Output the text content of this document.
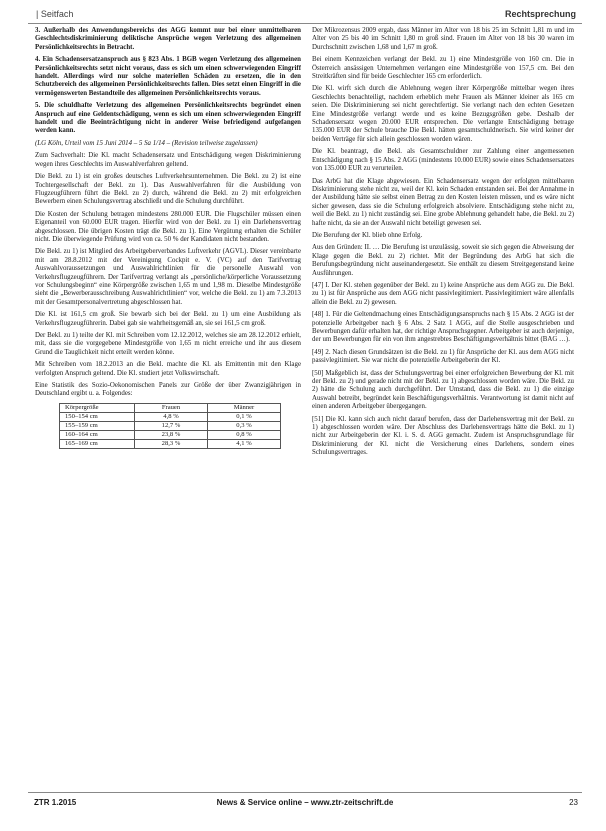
| Seitfach	Rechtsprechung

3. Außerhalb des Anwendungsbereichs des AGG kommt nur bei einer unmittelbaren Geschlechtsdiskriminierung deliktische Ansprüche wegen Verletzung des allgemeinen Persönlichkeitsrechts in Betracht.

4. Ein Schadensersatzanspruch aus § 823 Abs. 1 BGB wegen Verletzung des allgemeinen Persönlichkeitsrechts setzt nicht voraus, dass es sich um einen schwerwiegenden Eingriff handelt. Allerdings wird nur solche materiellen Schäden zu ersetzen, die in den Schutzbereich des allgemeinen Persönlichkeitsrechts fallen. Dies setzt einen Eingriff in die vermögenswerten Bestandteile des allgemeinen Persönlichkeitsrechts voraus.

5. Die schuldhafte Verletzung des allgemeinen Persönlichkeitsrechts begründet einen Anspruch auf eine Geldentschädigung, wenn es sich um einen schwerwiegenden Eingriff handelt und die Beeinträchtigung nicht in anderer Weise befriedigend aufgefangen werden kann.

(LG Köln, Urteil vom 15 Juni 2014 – 5 Sa 1/14 – (Revision teilweise zugelassen)

Zum Sachverhalt: Die Kl. macht Schadensersatz und Entschädigung wegen Diskriminierung wegen ihres Geschlechts im Auswahlverfahren geltend.

Die Bekl. zu 1) ist ein großes deutsches Luftverkehrsunternehmen. Die Bekl. zu 2) ist eine Tochtergesellschaft der Bekl. zu 1). Das Auswahlverfahren für die Ausbildung von Flugzeugführern führt die Bekl. zu 2) durch, während die Bekl. zu 2) mit erfolgreichen Bewerbern einen Schulungsvertrag abschließt und die Schulung durchführt.

Die Kosten der Schulung betragen mindestens 280.000 EUR. Die Flugschüler müssen einen Eigenanteil von 60.000 EUR tragen. Hierfür wird von der Bekl. zu 1) ein Darlehensvertrag abgeschlossen. Die übrigen Kosten trägt die Bekl. zu 1). Eine Vergütung erhalten die Schüler nicht. Die überwiegende Prüfung wird von ca. 50 % der Kandidaten nicht bestanden.

Die Bekl. zu 1) ist Mitglied des Arbeitgeberverbandes Luftverkehr (AGVL). Dieser vereinbarte mit am 28.8.2012 mit der Vereinigung Cockpit e. V. (VC) auf den Tarifvertrag Auswahlvoraussetzungen und Auswahlrichtlinien für die personelle Auswahl von Verkehrsflugzeugführern. Der Tarifvertrag verlangt als „persönliche/körperliche Voraussetzung vor Schulungsbeginn“ eine Körpergröße zwischen 1,65 m und 1,98 m. Dieselbe Mindestgröße sieht die „Bewerberausschreibung Auswahlrichtlinien“ vor, welche die Bekl. zu 1) am 7.3.2013 mit der Gesamtpersonalvertretung abgeschlossen hat.

Die Kl. ist 161,5 cm groß. Sie bewarb sich bei der Bekl. zu 1) um eine Ausbildung als Verkehrsflugzeugführerin. Dabei gab sie wahrheitsgemäß an, sie sei 161,5 cm groß.

Der Bekl. zu 1) teilte der Kl. mit Schreiben vom 12.12.2012, welches sie am 28.12.2012 erhielt, mit, dass sie die vorgegebene Mindestgröße von 1,65 m nicht erreiche und ihr aus diesem Grund die Tauglichkeit nicht erteilt werden könne.

Mit Schreiben vom 18.2.2013 an die Bekl. machte die Kl. als Emittentin mit den Klage verfolgten Anspruch geltend. Die Kl. studiert jetzt Volkswirtschaft.

Eine Statistik des Sozio-Oekonomischen Panels zur Größe der über Zwanzigjährigen in Deutschland ergibt u. a. Folgendes:

Körpergröße	Frauen	Männer
150–154 cm	4,8 %	0,1 %
155–159 cm	12,7 %	0,3 %
160–164 cm	23,8 %	0,8 %
165–169 cm	28,3 %	4,1 %

Der Mikrozensus 2009 ergab, dass Männer im Alter von 18 bis 25 im Schnitt 1,81 m und im Alter von 25 bis 40 im Schnitt 1,80 m groß sind. Frauen im Alter von 18 bis 30 waren im Durchschnitt zwischen 1,68 und 1,67 m groß.

Bei einem Kennzeichen verlangt der Bekl. zu 1) eine Mindestgröße von 160 cm. Die in Österreich ansässigen Unternehmen verlangen eine Mindestgröße von 157,5 cm. Bei den Streitkräften sind für beide Geschlechter 165 cm erforderlich.

Die Kl. wirft sich durch die Ablehnung wegen ihrer Körpergröße mittelbar wegen ihres Geschlechts benachteiligt, nachdem erheblich mehr Frauen als Männer kleiner als 165 cm seien. Die Diskriminierung sei nicht gerechtfertigt. Sie verlangt nach den echten Gesetzen Eine Mindestgröße verlangt werde und es keine Bezugsgrößen gebe. Deshalb der Schadensersatz wegen 20.000 EUR entsprechen. Die verlangte Entschädigung betrage 135.000 EUR der Schule brauche Die Bekl. hätten gesamtschuldnerisch. Sie wird keiner der beiden Verträge für sich allein geschlossen worden wären.

Die Kl. beantragt, die Bekl. als Gesamtschuldner zur Zahlung einer angemessenen Entschädigung nach § 15 Abs. 2 AGG (mindestens 10.000 EUR) sowie eines Schadensersatzes von 135.000 EUR zu verurteilen.

Das ArbG hat die Klage abgewiesen. Ein Schadensersatz wegen der erfolgten mittelbaren Diskriminierung stehe nicht zu, weil der Kl. kein Schaden entstanden sei. Bei der Annahme in der Ausbildung hätte sie selbst einen Betrag zu den Kosten leisten müssen, und es wäre nicht sicher gewesen, dass sie die Schulung erfolgreich absolviere. Entschädigung stehe nicht zu, weil die Bekl. zu 1) nicht zuständig sei. Eine grobe Ablehnung gehandelt habe, die Bekl. zu 2) hafte nicht, da sie an der Auswahl nicht beteiligt gewesen sei.

Die Berufung der Kl. blieb ohne Erfolg.

Aus den Gründen: II. … Die Berufung ist unzulässig, soweit sie sich gegen die Abweisung der Klage gegen die Bekl. zu 2) richtet. Mit der Begründung des ArbG hat sich die Berufungsbegründung nicht auseinandergesetzt. Sie enthält zu diesem Streitgegenstand keine Ausführungen.

[47] I. Der Kl. stehen gegenüber der Bekl. zu 1) keine Ansprüche aus dem AGG zu. Die Bekl. zu 1) ist für Ansprüche aus dem AGG nicht passivlegitimiert. Passivlegitimiert wäre allenfalls allein die Bekl. zu 2) gewesen.

[48] 1. Für die Geltendmachung eines Entschädigungsanspruchs nach § 15 Abs. 2 AGG ist der potenzielle Arbeitgeber nach § 6 Abs. 2 Satz 1 AGG, auf die Stelle ausgeschrieben und Bewerbungen dafür erhalten hat, der richtige Anspruchsgegner. Arbeitgeber ist auch derjenige, der um Bewerbungen für ein von ihm angestrebtes Beschäftigungsverhältnis bittet (BAG …).

[49] 2. Nach diesen Grundsätzen ist die Bekl. zu 1) für Ansprüche der Kl. aus dem AGG nicht passivlegitimiert. Sie war nicht die potenzielle Arbeitgeberin der Kl.

[50] Maßgeblich ist, dass der Schulungsvertrag bei einer erfolgreichen Bewerbung der Kl. mit der Bekl. zu 2) und gerade nicht mit der Bekl. zu 1) abgeschlossen worden wäre. Die Bekl. zu 2) hätte die Schulung auch durchgeführt. Der Umstand, dass die Bekl. zu 1) die einzige Auswahl betreibt, begründet kein Beschäftigungsverhältnis. Verantwortung ist damit nicht auf einen anderen Arbeitgeber übergegangen.

[51] Die Kl. kann sich auch nicht darauf berufen, dass der Darlehensvertrag mit der Bekl. zu 1) abgeschlossen worden wäre. Der Abschluss des Darlehensvertrags hätte die Bekl. zu 1) nicht zur Arbeitgeberin der Kl. i. S. d. AGG gemacht. Zudem ist Anspruchsgrundlage für Diskriminierung der Kl. nicht die Versicherung eines Darlehens, sondern eines Schulungsvertrages.

ZTR 1.2015	News & Service online – www.ztr-zeitschrift.de	23
